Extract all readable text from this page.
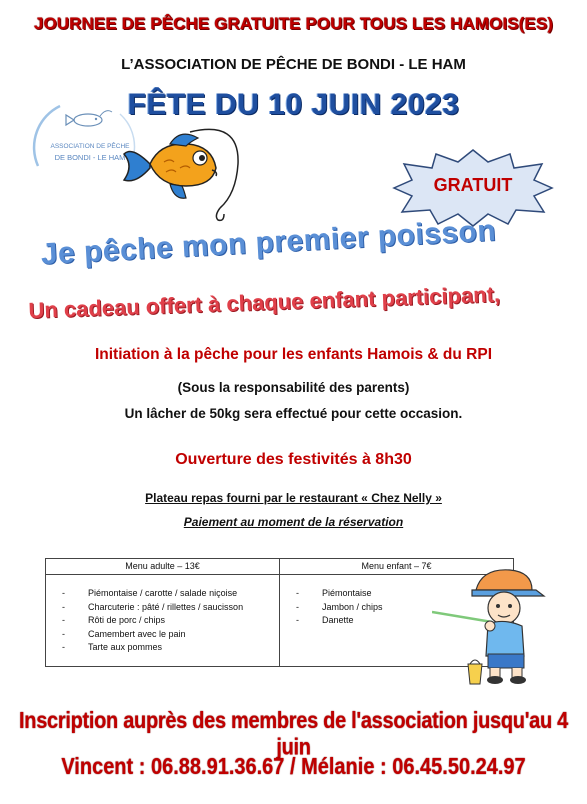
JOURNEE DE PÊCHE GRATUITE POUR TOUS LES HAMOIS(ES)
L’ASSOCIATION DE PÊCHE DE BONDI - LE HAM
FÊTE DU 10 JUIN 2023
ASSOCIATION DE PÊCHE
DE BONDI - LE HAM
GRATUIT
Je pêche mon premier poisson
Un cadeau offert à chaque enfant participant,
Initiation à la pêche pour les enfants Hamois & du RPI
(Sous la responsabilité des parents)
Un lâcher de 50kg sera effectué pour cette occasion.
Ouverture des festivités à 8h30
Plateau repas fourni par le restaurant « Chez Nelly »
Paiement au moment de la réservation
Menu adulte – 13€
- Piémontaise / carotte / salade niçoise
- Charcuterie : pâté / rillettes / saucisson
- Rôti de porc / chips
- Camembert avec le pain
- Tarte aux pommes
Menu enfant – 7€
- Piémontaise
- Jambon / chips
- Danette
Inscription auprès des membres de l'association jusqu'au 4 juin
Vincent : 06.88.91.36.67 / Mélanie : 06.45.50.24.97
